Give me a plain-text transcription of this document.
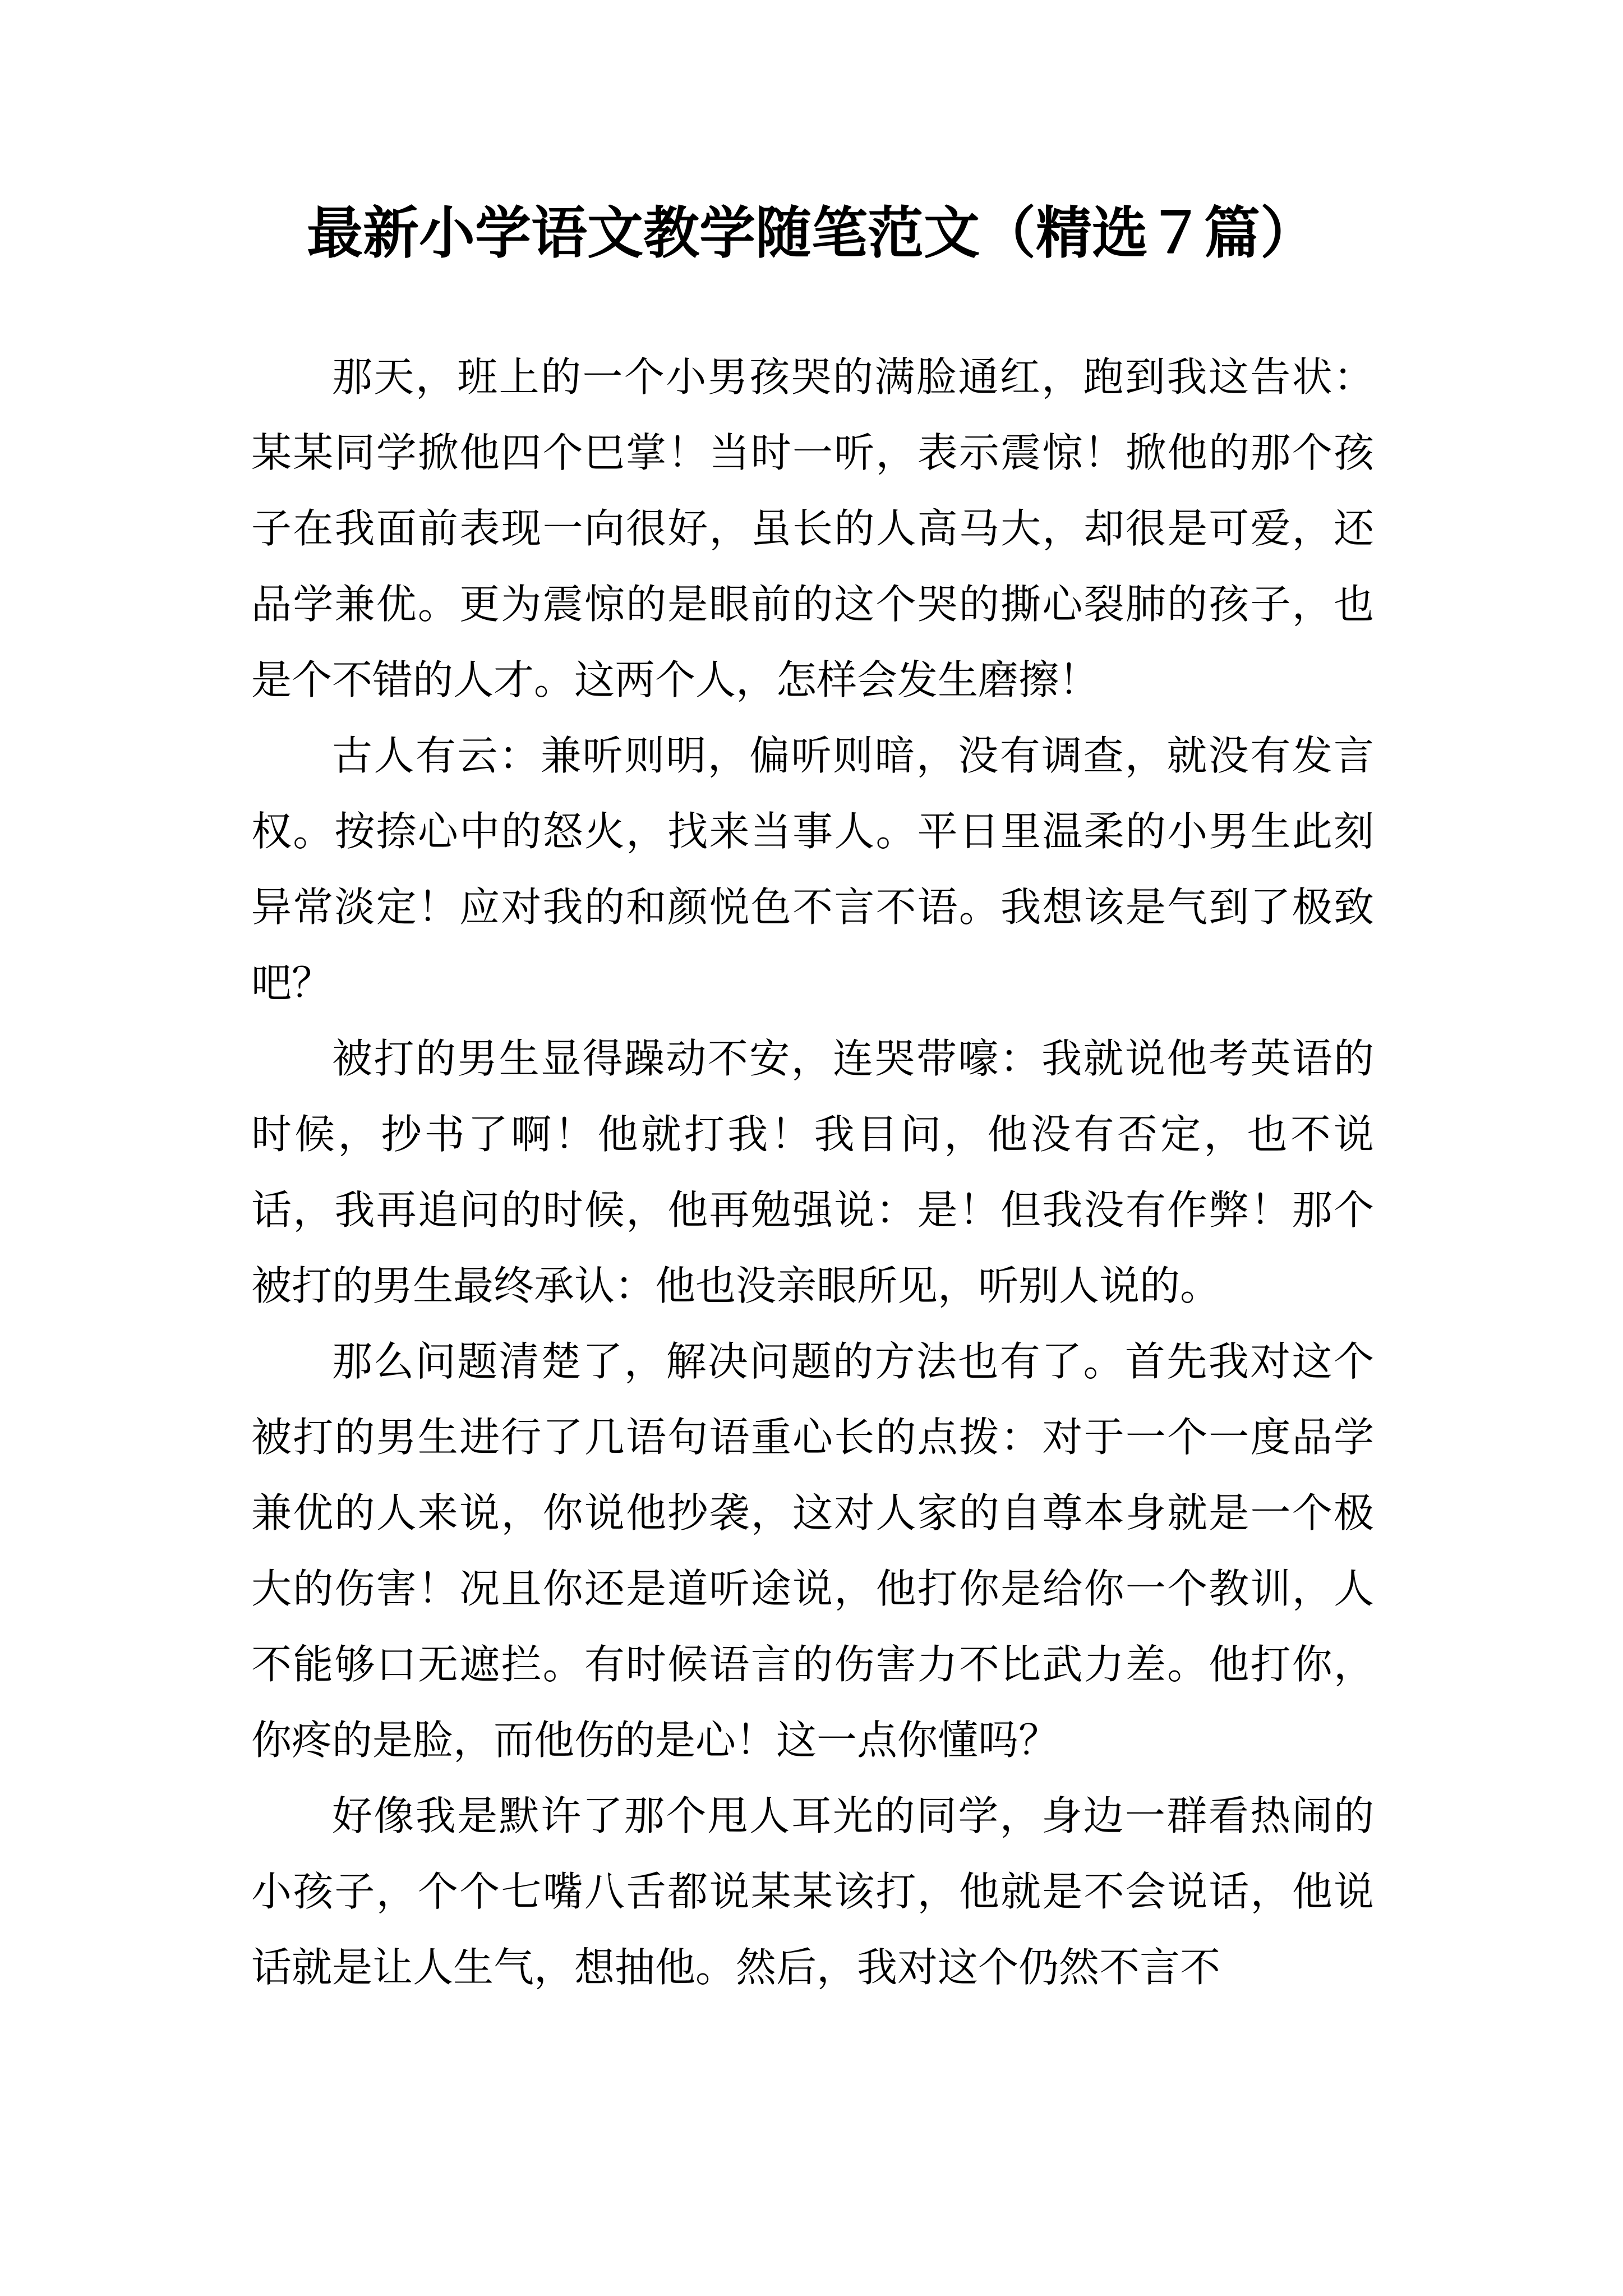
最新小学语文教学随笔范文（精选７篇）

那天，班上的一个小男孩哭的满脸通红，跑到我这告状：某某同学掀他四个巴掌！当时一听，表示震惊！掀他的那个孩子在我面前表现一向很好，虽长的人高马大，却很是可爱，还品学兼优。更为震惊的是眼前的这个哭的撕心裂肺的孩子，也是个不错的人才。这两个人，怎样会发生磨擦！

古人有云：兼听则明，偏听则暗，没有调查，就没有发言权。按捺心中的怒火，找来当事人。平日里温柔的小男生此刻异常淡定！应对我的和颜悦色不言不语。我想该是气到了极致吧？

被打的男生显得躁动不安，连哭带嚎：我就说他考英语的时候，抄书了啊！他就打我！我目问，他没有否定，也不说话，我再追问的时候，他再勉强说：是！但我没有作弊！那个被打的男生最终承认：他也没亲眼所见，听别人说的。

那么问题清楚了，解决问题的方法也有了。首先我对这个被打的男生进行了几语句语重心长的点拨：对于一个一度品学兼优的人来说，你说他抄袭，这对人家的自尊本身就是一个极大的伤害！况且你还是道听途说，他打你是给你一个教训，人不能够口无遮拦。有时候语言的伤害力不比武力差。他打你，你疼的是脸，而他伤的是心！这一点你懂吗？

好像我是默许了那个甩人耳光的同学，身边一群看热闹的小孩子，个个七嘴八舌都说某某该打，他就是不会说话，他说话就是让人生气，想抽他。然后，我对这个仍然不言不
